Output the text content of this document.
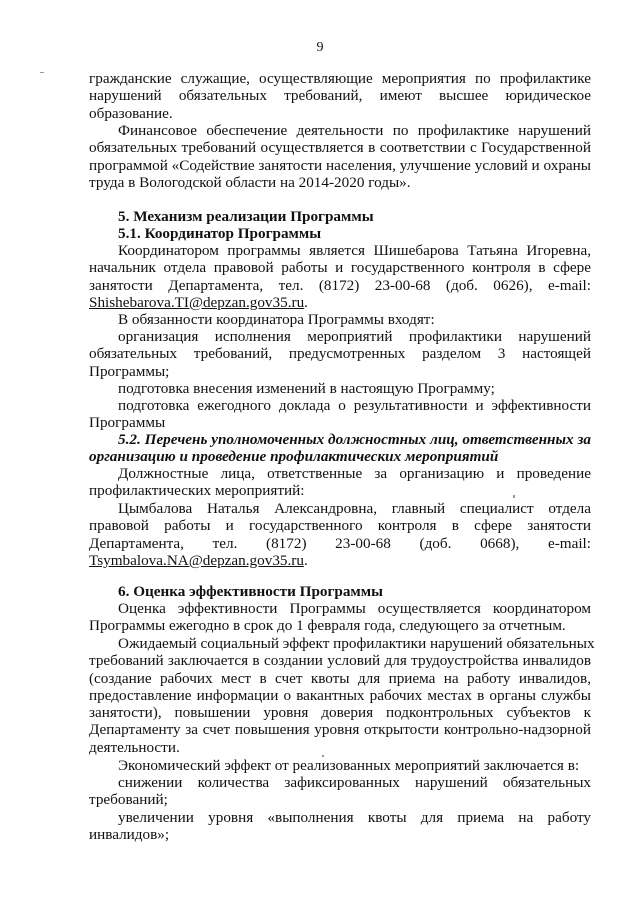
9
гражданские служащие, осуществляющие мероприятия по профилактике
нарушений обязательных требований, имеют высшее юридическое
образование.
Финансовое обеспечение деятельности по профилактике нарушений
обязательных требований осуществляется в соответствии с Государственной
программой «Содействие занятости населения, улучшение условий и охраны
труда в Вологодской области на 2014-2020 годы».
5. Механизм реализации Программы
5.1. Координатор Программы
Координатором программы является Шишебарова Татьяна Игоревна,
начальник отдела правовой работы и государственного контроля в сфере
занятости Департамента, тел. (8172) 23-00-68 (доб. 0626), e-mail:
Shishebarova.TI@depzan.gov35.ru.
В обязанности координатора Программы входят:
организация исполнения мероприятий профилактики нарушений
обязательных требований, предусмотренных разделом 3 настоящей
Программы;
подготовка внесения изменений в настоящую Программу;
подготовка ежегодного доклада о результативности и эффективности
Программы
5.2. Перечень уполномоченных должностных лиц, ответственных за
организацию и проведение профилактических мероприятий
Должностные лица, ответственные за организацию и проведение
профилактических мероприятий:
Цымбалова Наталья Александровна, главный специалист отдела
правовой работы и государственного контроля в сфере занятости
Департамента, тел. (8172) 23-00-68 (доб. 0668), e-mail:
Tsymbalova.NA@depzan.gov35.ru.
6. Оценка эффективности Программы
Оценка эффективности Программы осуществляется координатором
Программы ежегодно в срок до 1 февраля года, следующего за отчетным.
Ожидаемый социальный эффект профилактики нарушений обязательных
требований заключается в создании условий для трудоустройства инвалидов
(создание рабочих мест в счет квоты для приема на работу инвалидов,
предоставление информации о вакантных рабочих местах в органы службы
занятости), повышении уровня доверия подконтрольных субъектов к
Департаменту за счет повышения уровня открытости контрольно-надзорной
деятельности.
Экономический эффект от реализованных мероприятий заключается в:
снижении количества зафиксированных нарушений обязательных
требований;
увеличении уровня «выполнения квоты для приема на работу
инвалидов»;
